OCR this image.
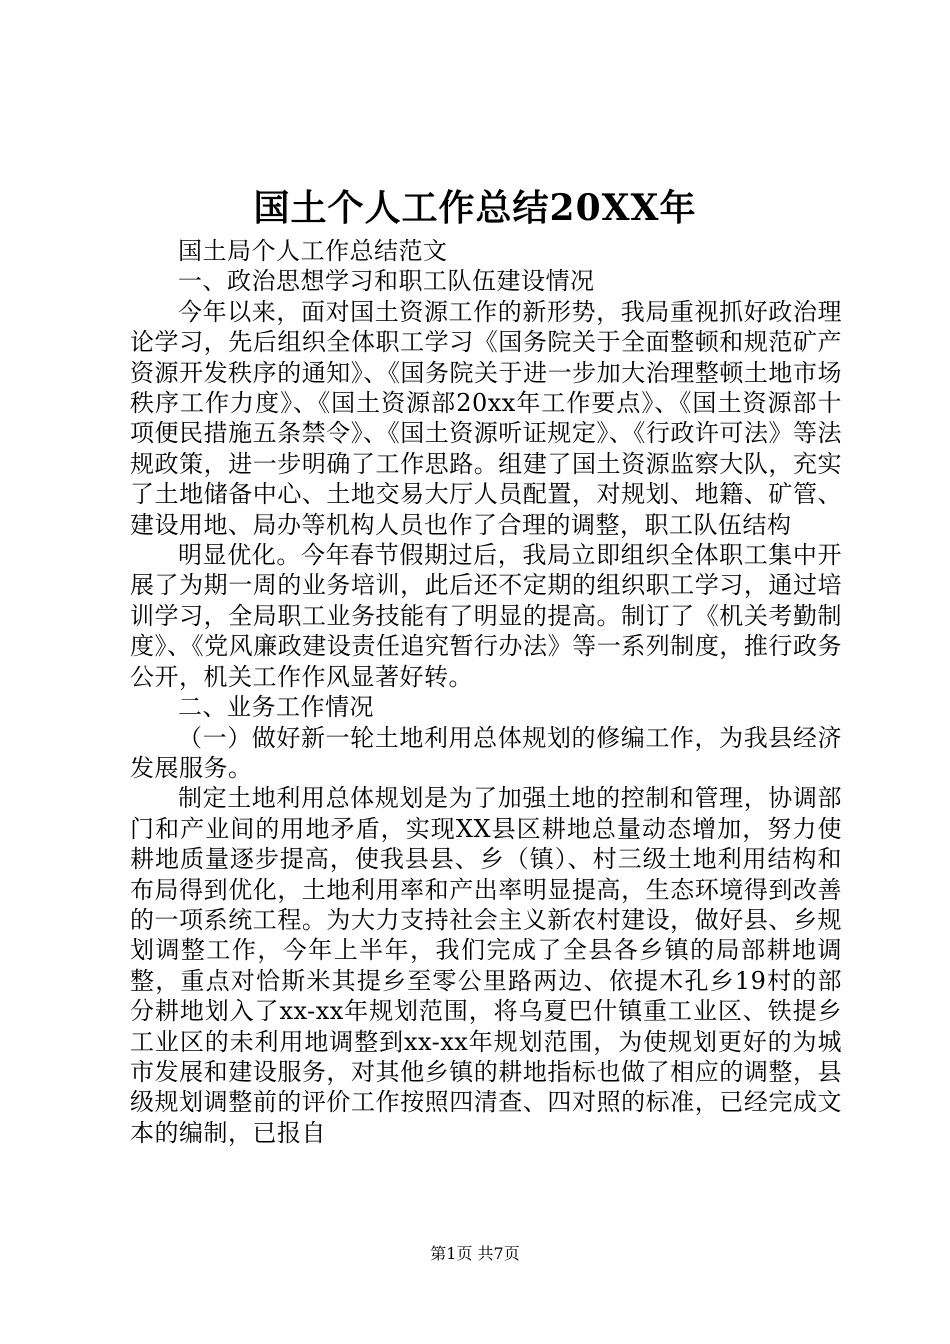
国土个人工作总结20XX年

国土局个人工作总结范文

一、政治思想学习和职工队伍建设情况

今年以来，面对国土资源工作的新形势，我局重视抓好政治理论学习，先后组织全体职工学习《国务院关于全面整顿和规范矿产资源开发秩序的通知》、《国务院关于进一步加大治理整顿土地市场秩序工作力度》、《国土资源部20xx年工作要点》、《国土资源部十项便民措施五条禁令》、《国土资源听证规定》、《行政许可法》等法规政策，进一步明确了工作思路。组建了国土资源监察大队，充实了土地储备中心、土地交易大厅人员配置，对规划、地籍、矿管、建设用地、局办等机构人员也作了合理的调整，职工队伍结构

明显优化。今年春节假期过后，我局立即组织全体职工集中开展了为期一周的业务培训，此后还不定期的组织职工学习，通过培训学习，全局职工业务技能有了明显的提高。制订了《机关考勤制度》、《党风廉政建设责任追究暂行办法》等一系列制度，推行政务公开，机关工作作风显著好转。

二、业务工作情况

（一）做好新一轮土地利用总体规划的修编工作，为我县经济发展服务。

制定土地利用总体规划是为了加强土地的控制和管理，协调部门和产业间的用地矛盾，实现XX县区耕地总量动态增加，努力使耕地质量逐步提高，使我县县、乡（镇）、村三级土地利用结构和布局得到优化，土地利用率和产出率明显提高，生态环境得到改善的一项系统工程。为大力支持社会主义新农村建设，做好县、乡规划调整工作，今年上半年，我们完成了全县各乡镇的局部耕地调整，重点对恰斯米其提乡至零公里路两边、依提木孔乡19村的部分耕地划入了xx-xx年规划范围，将乌夏巴什镇重工业区、铁提乡工业区的未利用地调整到xx-xx年规划范围，为使规划更好的为城市发展和建设服务，对其他乡镇的耕地指标也做了相应的调整，县级规划调整前的评价工作按照四清查、四对照的标准，已经完成文本的编制，已报自

第1页 共7页
